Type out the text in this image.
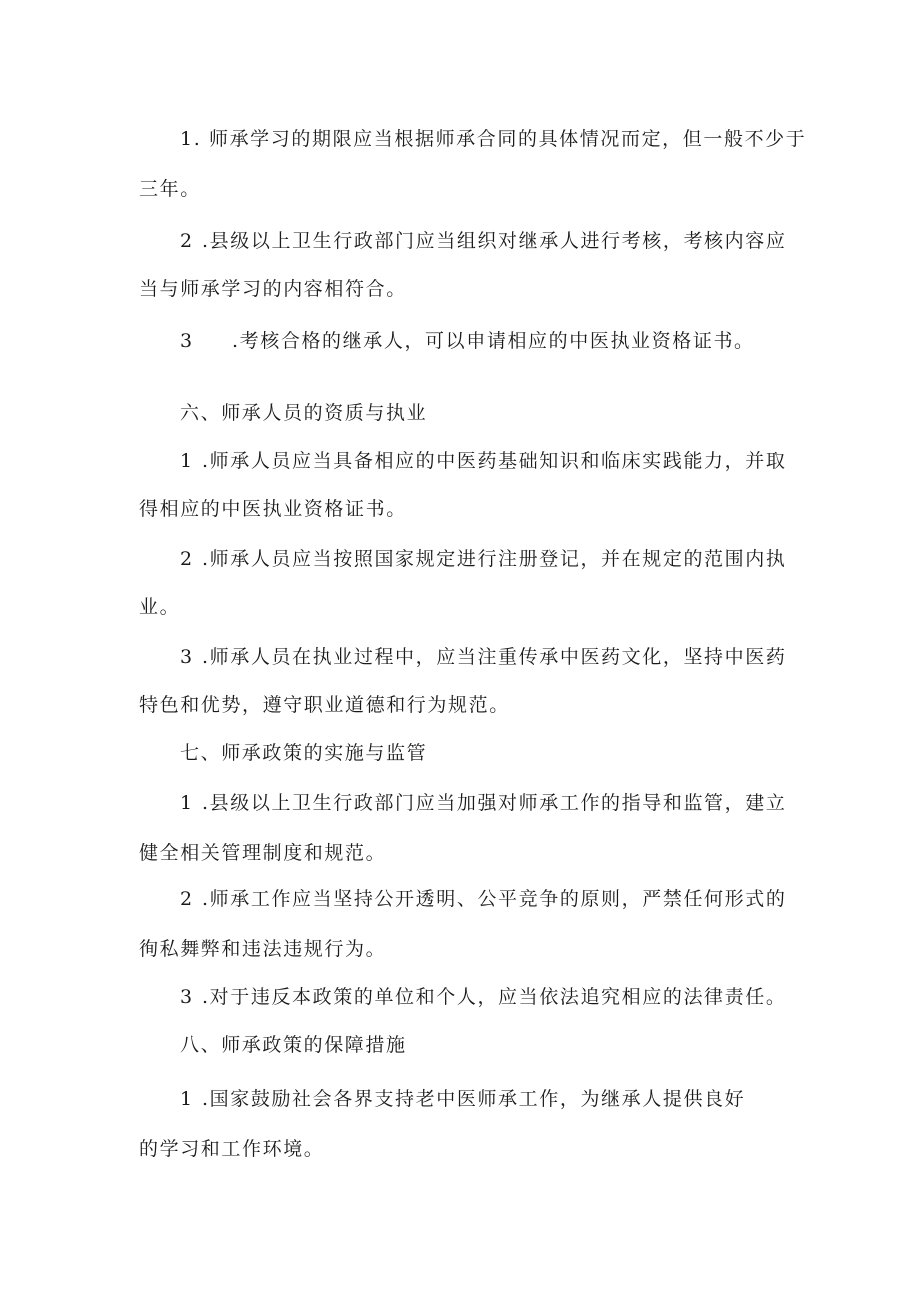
1. 师承学习的期限应当根据师承合同的具体情况而定，但一般不少于
三年。
2 .县级以上卫生行政部门应当组织对继承人进行考核，考核内容应
当与师承学习的内容相符合。
3 .考核合格的继承人，可以申请相应的中医执业资格证书。
六、师承人员的资质与执业
1 .师承人员应当具备相应的中医药基础知识和临床实践能力，并取
得相应的中医执业资格证书。
2 .师承人员应当按照国家规定进行注册登记，并在规定的范围内执
业。
3 .师承人员在执业过程中，应当注重传承中医药文化，坚持中医药
特色和优势，遵守职业道德和行为规范。
七、师承政策的实施与监管
1 .县级以上卫生行政部门应当加强对师承工作的指导和监管，建立
健全相关管理制度和规范。
2 .师承工作应当坚持公开透明、公平竞争的原则，严禁任何形式的
徇私舞弊和违法违规行为。
3 .对于违反本政策的单位和个人，应当依法追究相应的法律责任。
八、师承政策的保障措施
1 .国家鼓励社会各界支持老中医师承工作，为继承人提供良好
的学习和工作环境。
